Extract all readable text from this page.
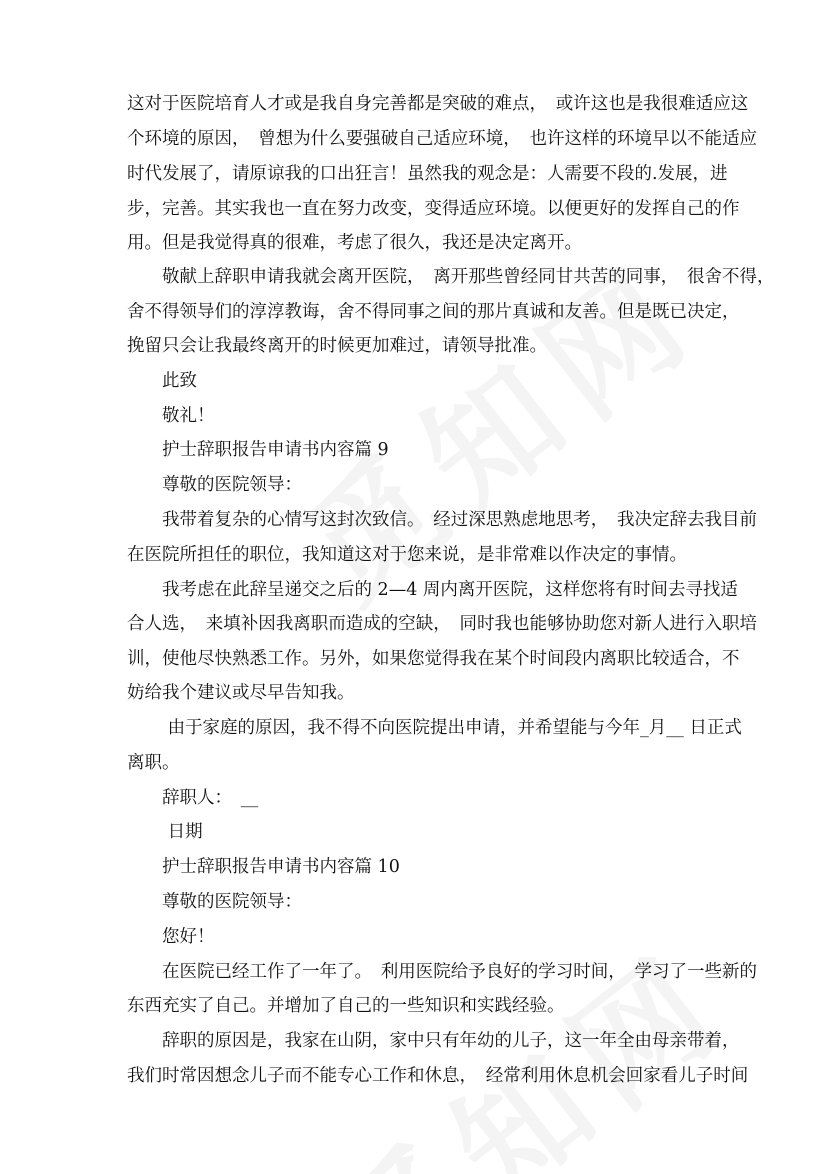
这对于医院培育人才或是我自身完善都是突破的难点，　或许这也是我很难适应这
个环境的原因，　曾想为什么要强破自己适应环境，　也许这样的环境早以不能适应
时代发展了，请原谅我的口出狂言！虽然我的观念是：人需要不段的.发展，进
步，完善。其实我也一直在努力改变，变得适应环境。以便更好的发挥自己的作
用。但是我觉得真的很难，考虑了很久，我还是决定离开。
　　敬献上辞职申请我就会离开医院，　离开那些曾经同甘共苦的同事，　很舍不得，
舍不得领导们的淳淳教诲，舍不得同事之间的那片真诚和友善。但是既已决定，
挽留只会让我最终离开的时候更加难过，请领导批准。
　　此致
　　敬礼！
　　护士辞职报告申请书内容篇 9
　　尊敬的医院领导：
　　我带着复杂的心情写这封次致信。　经过深思熟虑地思考，　我决定辞去我目前
在医院所担任的职位，我知道这对于您来说，是非常难以作决定的事情。
　　我考虑在此辞呈递交之后的 2—4 周内离开医院，这样您将有时间去寻找适
合人选，　来填补因我离职而造成的空缺，　同时我也能够协助您对新人进行入职培
训，使他尽快熟悉工作。另外，如果您觉得我在某个时间段内离职比较适合，不
妨给我个建议或尽早告知我。
　　 由于家庭的原因，我不得不向医院提出申请，并希望能与今年_月__ 日正式
离职。
　　辞职人：　__
　　 日期
　　护士辞职报告申请书内容篇 10
　　尊敬的医院领导：
　　您好！
　　在医院已经工作了一年了。　利用医院给予良好的学习时间，　学习了一些新的
东西充实了自己。并增加了自己的一些知识和实践经验。
　　辞职的原因是，我家在山阴，家中只有年幼的儿子，这一年全由母亲带着，
我们时常因想念儿子而不能专心工作和休息，　经常利用休息机会回家看儿子时间
